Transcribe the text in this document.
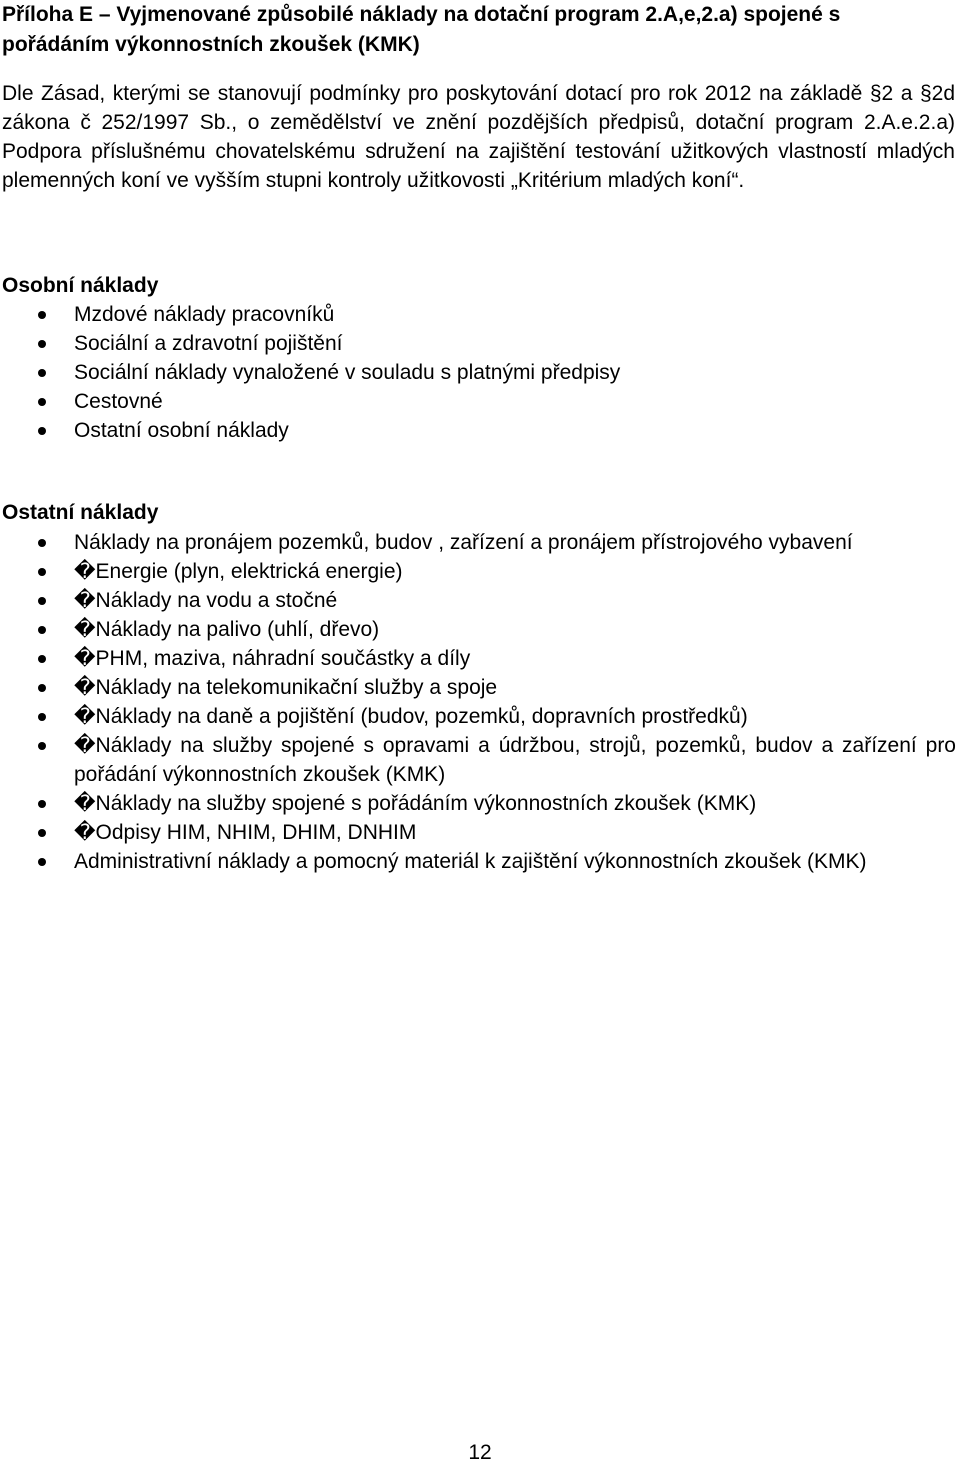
Příloha E – Vyjmenované způsobilé náklady na dotační program 2.A,e,2.a) spojené s pořádáním výkonnostních zkoušek (KMK)

Dle Zásad, kterými se stanovují podmínky pro poskytování dotací pro rok 2012 na základě §2 a §2d zákona č 252/1997 Sb., o zemědělství ve znění pozdějších předpisů, dotační program 2.A.e.2.a) Podpora příslušnému chovatelskému sdružení na zajištění testování užitkových vlastností mladých plemenných koní ve vyšším stupni kontroly užitkovosti „Kritérium mladých koní“.

Osobní náklady

Mzdové náklady pracovníků
Sociální a zdravotní pojištění
Sociální náklady vynaložené v souladu s platnými předpisy
Cestovné
Ostatní osobní náklady

Ostatní náklady

Náklady na pronájem pozemků, budov , zařízení a pronájem přístrojového vybavení
�Energie (plyn, elektrická energie)
�Náklady na vodu a stočné
�Náklady na palivo (uhlí, dřevo)
�PHM, maziva, náhradní součástky a díly
�Náklady na telekomunikační služby a spoje
�Náklady na daně a pojištění (budov, pozemků, dopravních prostředků)
�Náklady na služby spojené s opravami a údržbou, strojů, pozemků, budov a zařízení pro pořádání výkonnostních zkoušek (KMK)
�Náklady na služby spojené s pořádáním výkonnostních zkoušek (KMK)
�Odpisy HIM, NHIM, DHIM, DNHIM
Administrativní náklady a pomocný materiál k zajištění výkonnostních zkoušek (KMK)
12
